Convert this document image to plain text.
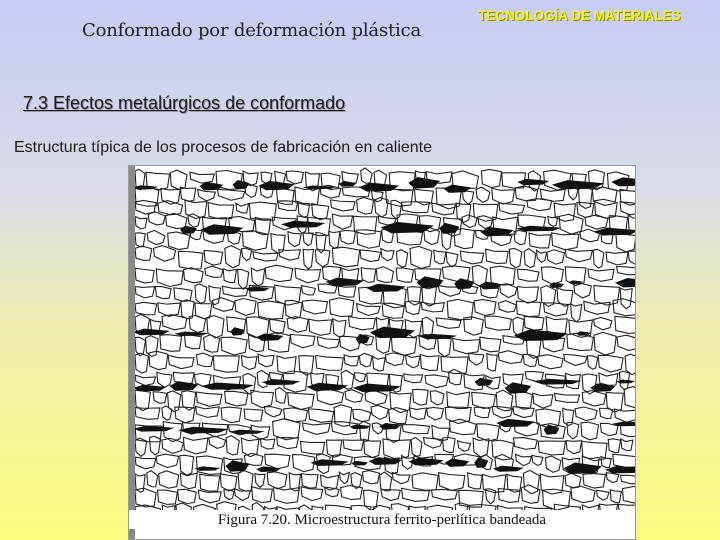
Conformado por deformación plástica
TECNOLOGÍA DE MATERIALES
7.3 Efectos metalúrgicos de conformado
Estructura típica de los procesos de fabricación en caliente
Figura 7.20. Microestructura ferrito-perlítica bandeada
